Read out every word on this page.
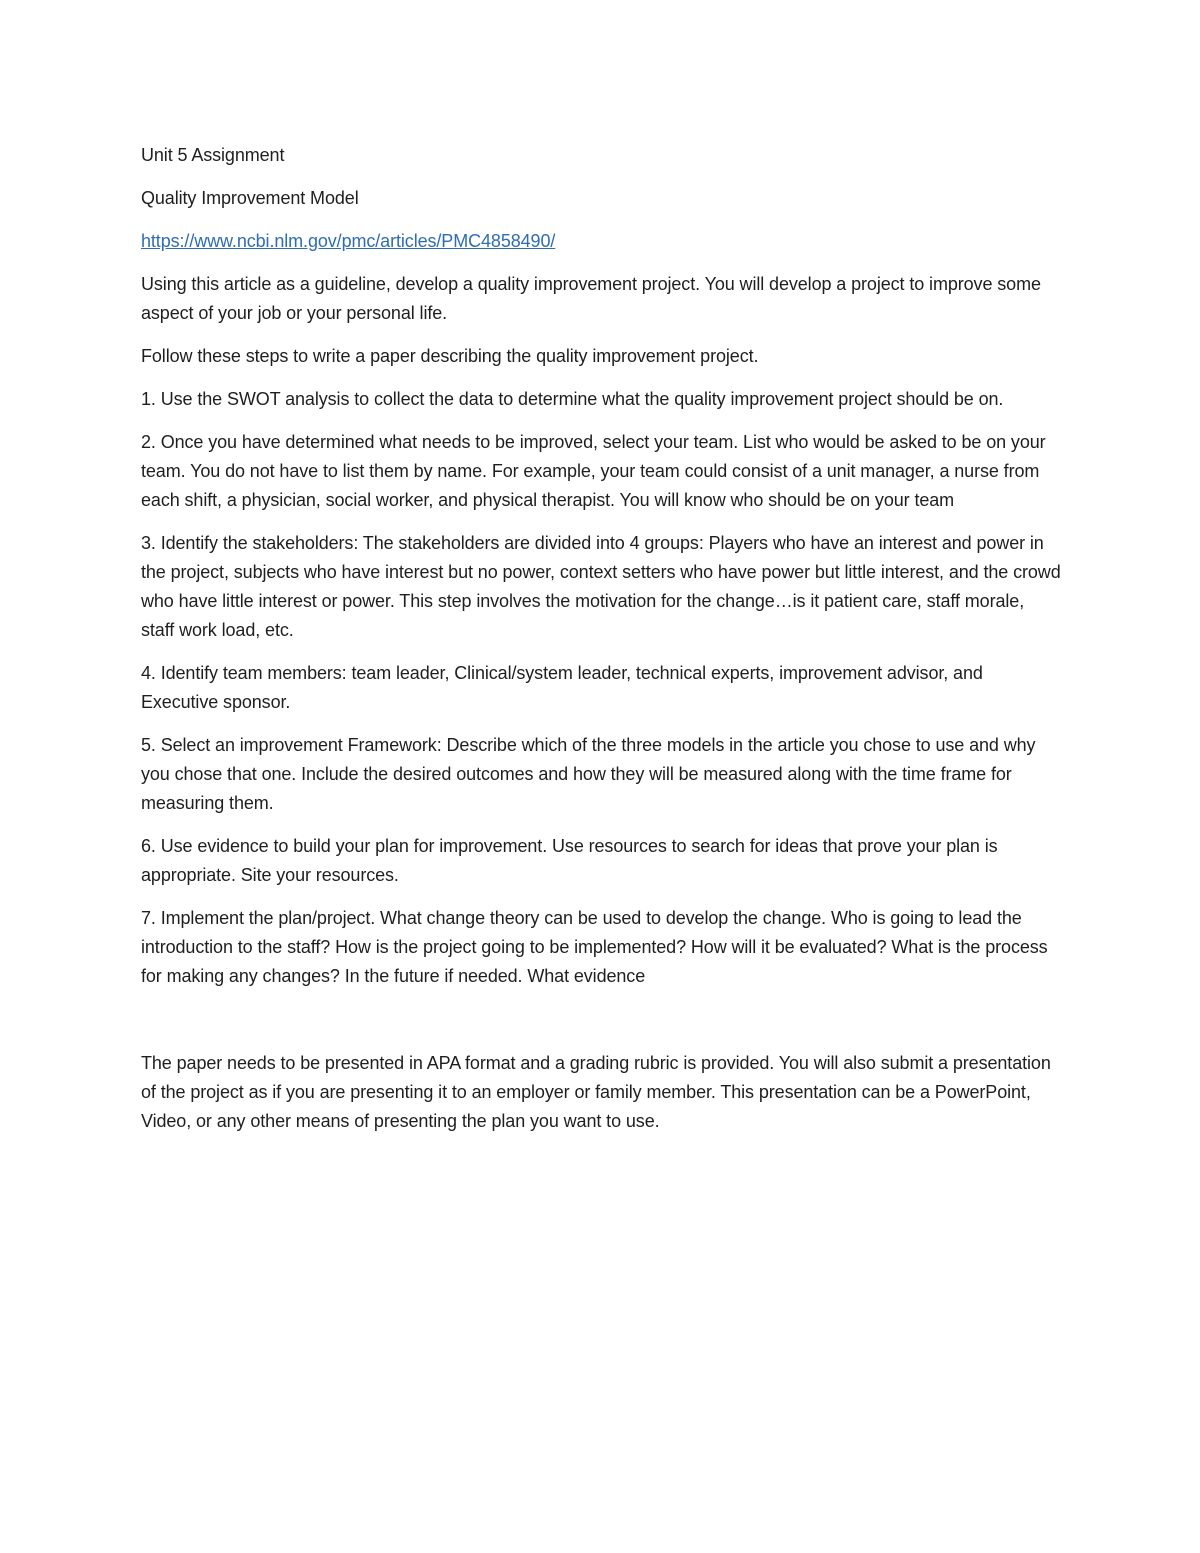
Unit 5 Assignment

Quality Improvement Model

https://www.ncbi.nlm.gov/pmc/articles/PMC4858490/

Using this article as a guideline, develop a quality improvement project. You will develop a project to improve some aspect of your job or your personal life.

Follow these steps to write a paper describing the quality improvement project.

1. Use the SWOT analysis to collect the data to determine what the quality improvement project should be on.

2. Once you have determined what needs to be improved, select your team. List who would be asked to be on your team. You do not have to list them by name. For example, your team could consist of a unit manager, a nurse from each shift, a physician, social worker, and physical therapist. You will know who should be on your team

3. Identify the stakeholders: The stakeholders are divided into 4 groups: Players who have an interest and power in the project, subjects who have interest but no power, context setters who have power but little interest, and the crowd who have little interest or power. This step involves the motivation for the change…is it patient care, staff morale, staff work load, etc.

4. Identify team members: team leader, Clinical/system leader, technical experts, improvement advisor, and Executive sponsor.

5. Select an improvement Framework: Describe which of the three models in the article you chose to use and why you chose that one. Include the desired outcomes and how they will be measured along with the time frame for measuring them.

6. Use evidence to build your plan for improvement. Use resources to search for ideas that prove your plan is appropriate. Site your resources.

7. Implement the plan/project. What change theory can be used to develop the change. Who is going to lead the introduction to the staff? How is the project going to be implemented? How will it be evaluated? What is the process for making any changes? In the future if needed. What evidence

The paper needs to be presented in APA format and a grading rubric is provided. You will also submit a presentation of the project as if you are presenting it to an employer or family member. This presentation can be a PowerPoint, Video, or any other means of presenting the plan you want to use.
